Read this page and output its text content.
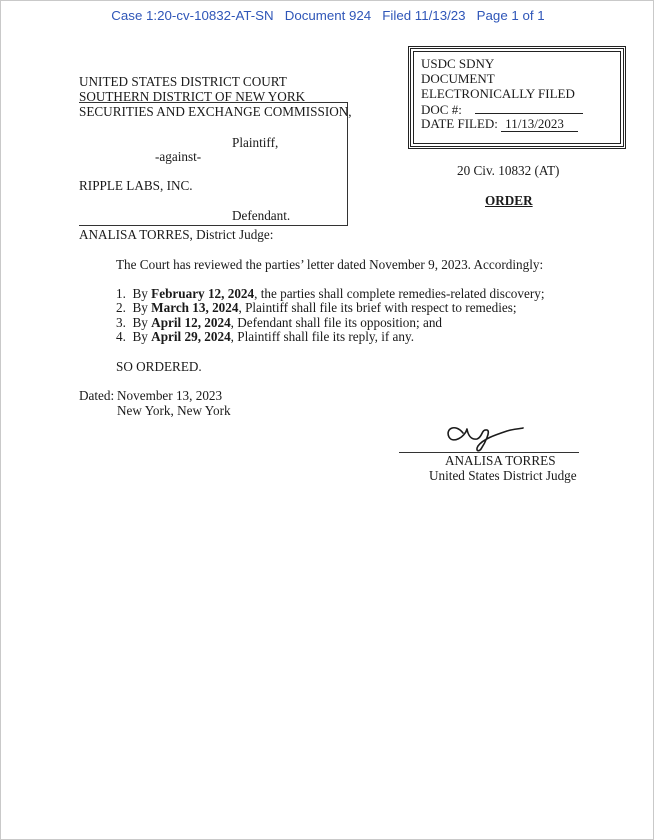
Case 1:20-cv-10832-AT-SN   Document 924   Filed 11/13/23   Page 1 of 1
USDC SDNY
DOCUMENT
ELECTRONICALLY FILED
DOC #:
DATE FILED: 11/13/2023
UNITED STATES DISTRICT COURT
SOUTHERN DISTRICT OF NEW YORK
SECURITIES AND EXCHANGE COMMISSION,
Plaintiff,
-against-
RIPPLE LABS, INC.
Defendant.
20 Civ. 10832 (AT)
ORDER
ANALISA TORRES, District Judge:
The Court has reviewed the parties’ letter dated November 9, 2023. Accordingly:
1. By February 12, 2024, the parties shall complete remedies-related discovery;
2. By March 13, 2024, Plaintiff shall file its brief with respect to remedies;
3. By April 12, 2024, Defendant shall file its opposition; and
4. By April 29, 2024, Plaintiff shall file its reply, if any.
SO ORDERED.
Dated: November 13, 2023
New York, New York
ANALISA TORRES
United States District Judge
